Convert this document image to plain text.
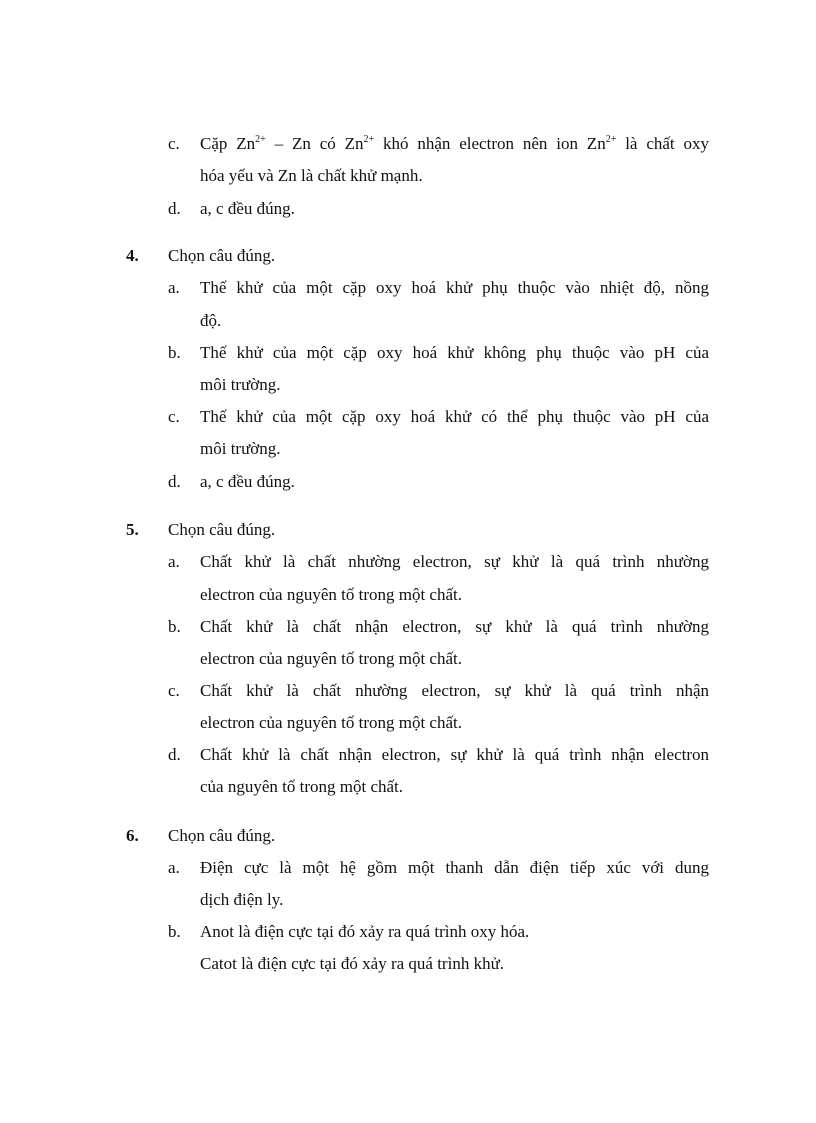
c. Cặp $Zn^{2+}$ – Zn có $Zn^{2+}$ khó nhận electron nên ion $Zn^{2+}$ là chất oxy
hóa yếu và Zn là chất khử mạnh.
d. a, c đều đúng.
4. Chọn câu đúng.
a. Thế khử của một cặp oxy hoá khử phụ thuộc vào nhiệt độ, nồng
độ.
b. Thế khử của một cặp oxy hoá khử không phụ thuộc vào pH của
môi trường.
c. Thế khử của một cặp oxy hoá khử có thể phụ thuộc vào pH của
môi trường.
d. a, c đều đúng.
5. Chọn câu đúng.
a. Chất khử là chất nhường electron, sự khử là quá trình nhường
electron của nguyên tố trong một chất.
b. Chất khử là chất nhận electron, sự khử là quá trình nhường
electron của nguyên tố trong một chất.
c. Chất khử là chất nhường electron, sự khử là quá trình nhận
electron của nguyên tố trong một chất.
d. Chất khử là chất nhận electron, sự khử là quá trình nhận electron
của nguyên tố trong một chất.
6. Chọn câu đúng.
a. Điện cực là một hệ gồm một thanh dẫn điện tiếp xúc với dung
dịch điện ly.
b. Anot là điện cực tại đó xảy ra quá trình oxy hóa.
Catot là điện cực tại đó xảy ra quá trình khử.
